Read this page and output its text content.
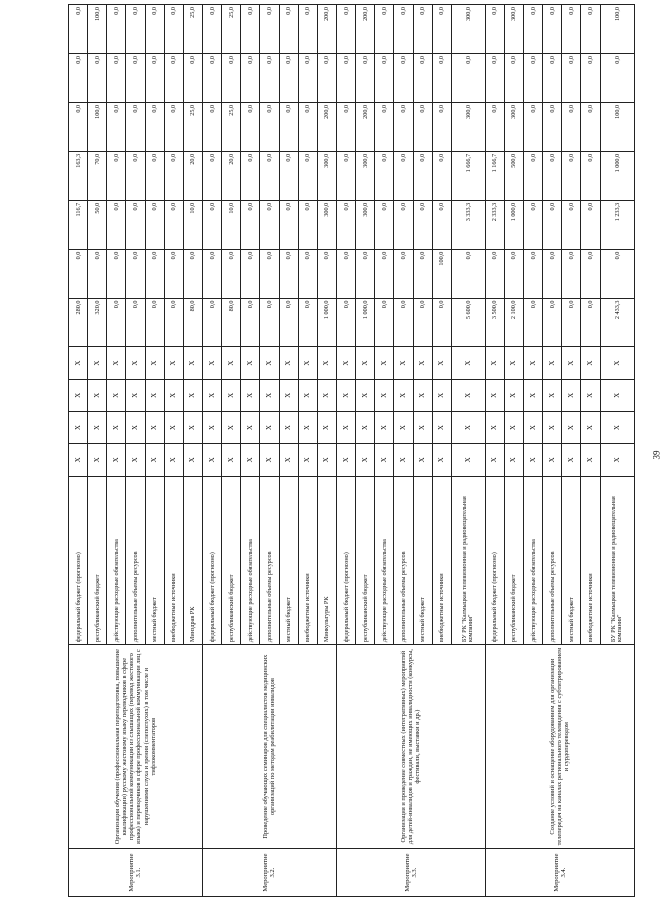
Мероприятие 3.1.	Организация обучения (профессиональная переподготовка, повышение квалификации) русскому жестовому языку переводчиков в сфере профессиональной коммуникации из слышащих (перевод жестового языка) и переводчиков в сфере профессиональной коммуникации лиц с нарушениями слуха и зрения (слепоглухих) в том числе и тифлокомментаторов	федеральный бюджет (прогнозно)	X	X	X	X	280,0	0,0	116,7	163,3	0,0	0,0	0,0
		республиканский бюджет	X	X	X	X	320,0	0,0	50,0	70,0	100,0	0,0	100,0
		действующие расходные обязательства	X	X	X	X	0,0	0,0	0,0	0,0	0,0	0,0	0,0
		дополнительные объемы ресурсов	X	X	X	X	0,0	0,0	0,0	0,0	0,0	0,0	0,0
		местный бюджет	X	X	X	X	0,0	0,0	0,0	0,0	0,0	0,0	0,0
		внебюджетные источники	X	X	X	X	0,0	0,0	0,0	0,0	0,0	0,0	0,0
		Минздрав РК	X	X	X	X	80,0	0,0	10,0	20,0	25,0	0,0	25,0
Мероприятие 3.2.	Проведение обучающих семинаров для специалистов медицинских организаций по методам реабилитации инвалидов	федеральный бюджет (прогнозно)	X	X	X	X	0,0	0,0	0,0	0,0	0,0	0,0	0,0
		республиканский бюджет	X	X	X	X	80,0	0,0	10,0	20,0	25,0	0,0	25,0
		действующие расходные обязательства	X	X	X	X	0,0	0,0	0,0	0,0	0,0	0,0	0,0
		дополнительные объемы ресурсов	X	X	X	X	0,0	0,0	0,0	0,0	0,0	0,0	0,0
		местный бюджет	X	X	X	X	0,0	0,0	0,0	0,0	0,0	0,0	0,0
		внебюджетные источники	X	X	X	X	0,0	0,0	0,0	0,0	0,0	0,0	0,0
		Минкультуры РК	X	X	X	X	1 000,0	0,0	300,0	300,0	200,0	0,0	200,0
Мероприятие 3.3.	Организация и проведение совместных (интегративных) мероприятий для детей-инвалидов и граждан, не имеющих инвалидности (конкурсы, фестивали, выставки и др.)	федеральный бюджет (прогнозно)	X	X	X	X	0,0	0,0	0,0	0,0	0,0	0,0	0,0
		республиканский бюджет	X	X	X	X	1 000,0	0,0	300,0	300,0	200,0	0,0	200,0
		действующие расходные обязательства	X	X	X	X	0,0	0,0	0,0	0,0	0,0	0,0	0,0
		дополнительные объемы ресурсов	X	X	X	X	0,0	0,0	0,0	0,0	0,0	0,0	0,0
		местный бюджет	X	X	X	X	0,0	0,0	0,0	0,0	0,0	0,0	0,0
		внебюджетные источники	X	X	X	X	0,0	100,0	0,0	0,0	0,0	0,0	0,0
		БУ РК "Калмыцкая телевизионная и радиовещательная компания"	X	X	X	X	5 600,0	0,0	3 333,3	1 666,7	300,0	0,0	300,0
Мероприятие 3.4.	Создание условий и оснащение оборудованием для организации телепередач на каналах регионального телевидения с субтитрированием и сурдопереводом	федеральный бюджет (прогнозно)	X	X	X	X	3 500,0	0,0	2 333,3	1 166,7	0,0	0,0	0,0
		республиканский бюджет	X	X	X	X	2 100,0	0,0	1 000,0	500,0	300,0	0,0	300,0
		действующие расходные обязательства	X	X	X	X	0,0	0,0	0,0	0,0	0,0	0,0	0,0
		дополнительные объемы ресурсов	X	X	X	X	0,0	0,0	0,0	0,0	0,0	0,0	0,0
		местный бюджет	X	X	X	X	0,0	0,0	0,0	0,0	0,0	0,0	0,0
		внебюджетные источники	X	X	X	X	0,0	0,0	0,0	0,0	0,0	0,0	0,0
		БУ РК "Калмыцкая телевизионная и радиовещательная компания"	X	X	X	X	2 433,3	0,0	1 233,3	1 000,0	100,0	0,0	100,0
39
